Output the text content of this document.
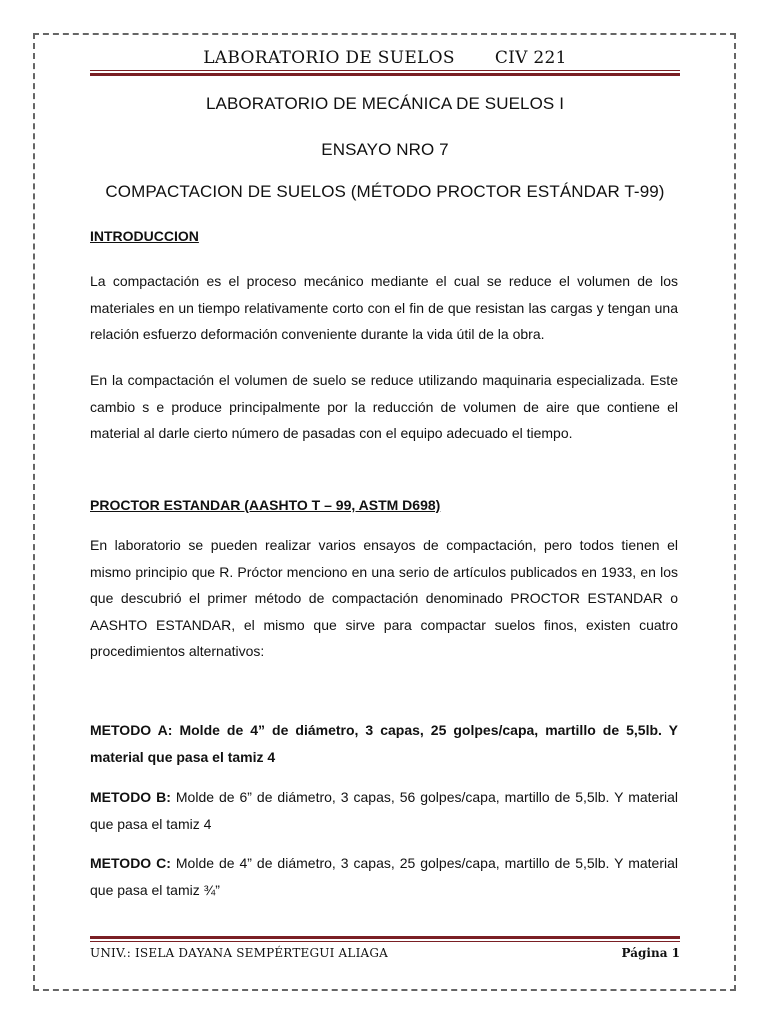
LABORATORIO DE SUELOS CIV 221
LABORATORIO DE MECÁNICA DE SUELOS I
ENSAYO NRO 7
COMPACTACION DE SUELOS (MÉTODO PROCTOR ESTÁNDAR T-99)
INTRODUCCION

La compactación es el proceso mecánico mediante el cual se reduce el volumen de los materiales en un tiempo relativamente corto con el fin de que resistan las cargas y tengan una relación esfuerzo deformación conveniente durante la vida útil de la obra.

En la compactación el volumen de suelo se reduce utilizando maquinaria especializada. Este cambio s e produce principalmente por la reducción de volumen de aire que contiene el material al darle cierto número de pasadas con el equipo adecuado el tiempo.

PROCTOR ESTANDAR (AASHTO T – 99, ASTM D698)

En laboratorio se pueden realizar varios ensayos de compactación, pero todos tienen el mismo principio que R. Próctor menciono en una serio de artículos publicados en 1933, en los que descubrió el primer método de compactación denominado PROCTOR ESTANDAR o AASHTO ESTANDAR, el mismo que sirve para compactar suelos finos, existen cuatro procedimientos alternativos:

METODO A: Molde de 4” de diámetro, 3 capas, 25 golpes/capa, martillo de 5,5lb. Y material que pasa el tamiz 4

METODO B: Molde de 6” de diámetro, 3 capas, 56 golpes/capa, martillo de 5,5lb. Y material que pasa el tamiz 4

METODO C: Molde de 4” de diámetro, 3 capas, 25 golpes/capa, martillo de 5,5lb. Y material que pasa el tamiz ¾”

UNIV.: ISELA DAYANA SEMPÉRTEGUI ALIAGA	Página 1
